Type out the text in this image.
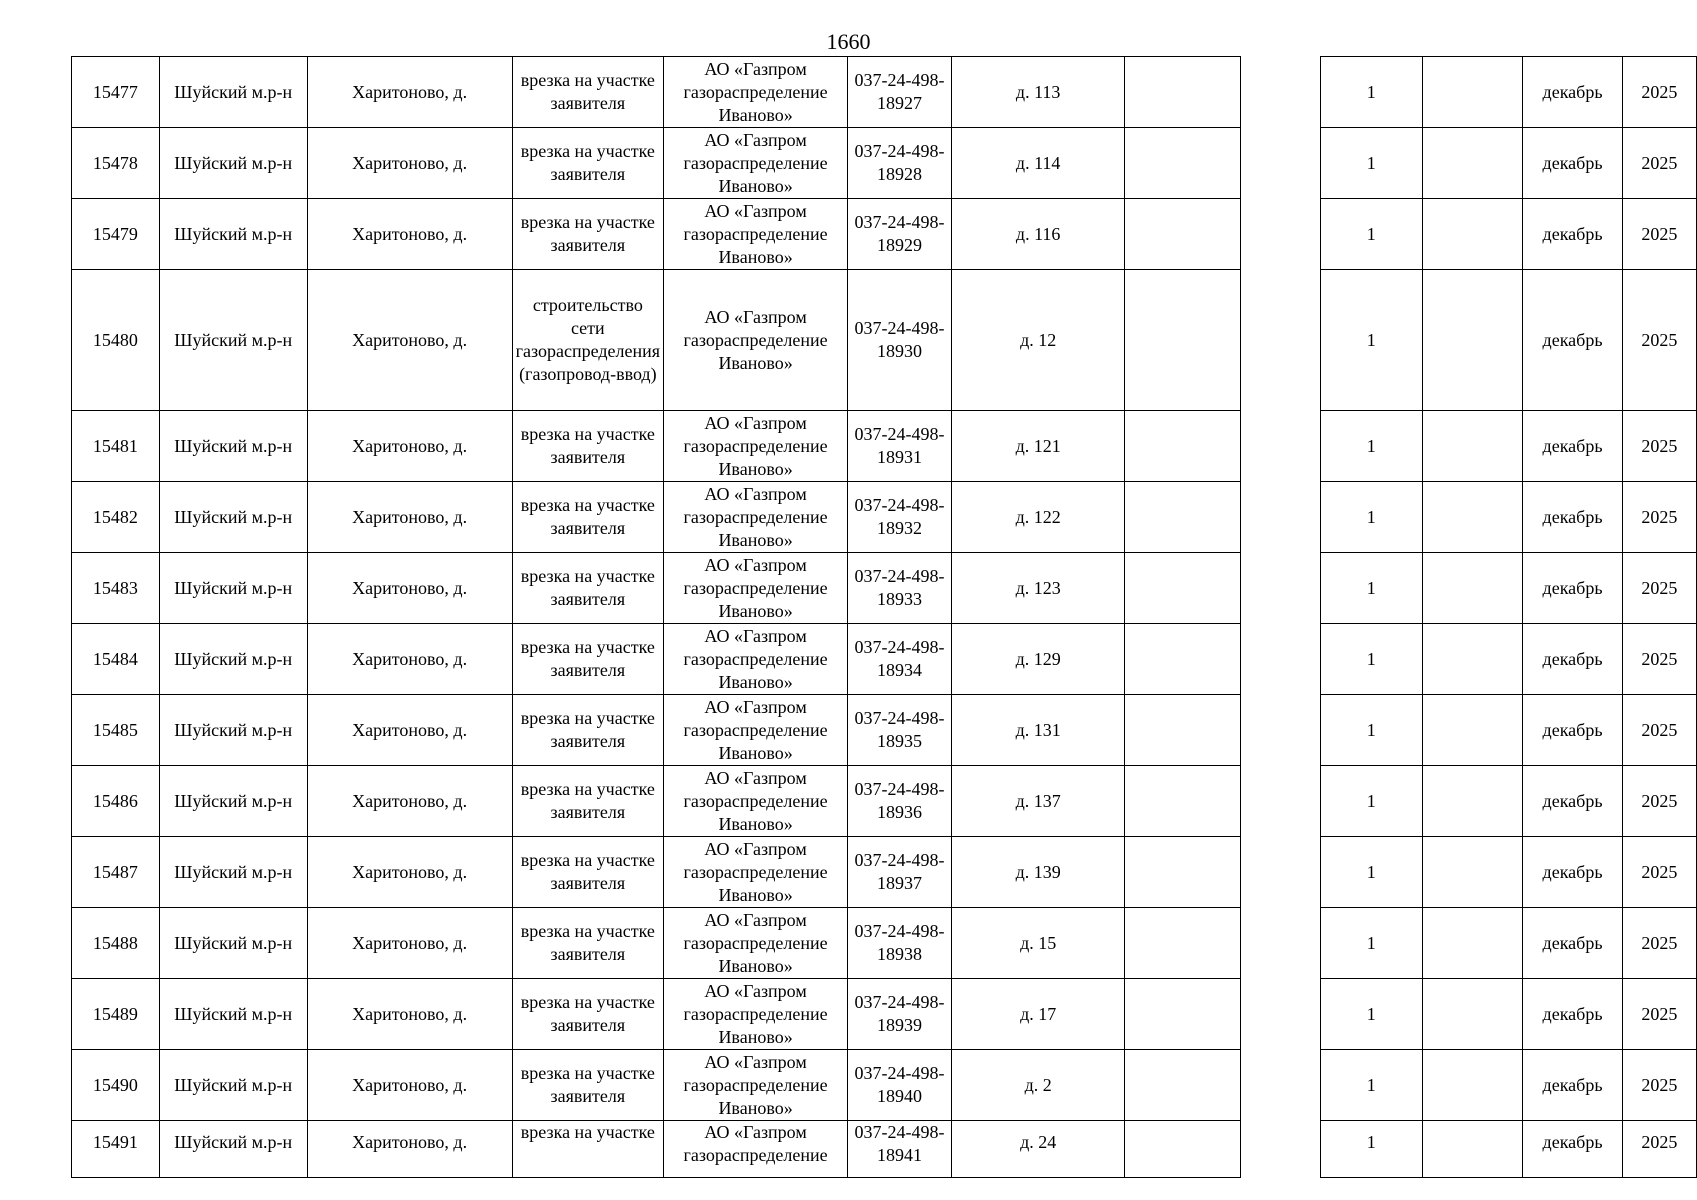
1660
15477	Шуйский м.р-н	Харитоново, д.	врезка на участке заявителя	АО «Газпром газораспределение Иваново»	037-24-498-18927	д. 113			1		декабрь	2025
15478	Шуйский м.р-н	Харитоново, д.	врезка на участке заявителя	АО «Газпром газораспределение Иваново»	037-24-498-18928	д. 114			1		декабрь	2025
15479	Шуйский м.р-н	Харитоново, д.	врезка на участке заявителя	АО «Газпром газораспределение Иваново»	037-24-498-18929	д. 116			1		декабрь	2025
15480	Шуйский м.р-н	Харитоново, д.	строительство сети газораспределения (газопровод-ввод)	АО «Газпром газораспределение Иваново»	037-24-498-18930	д. 12			1		декабрь	2025
15481	Шуйский м.р-н	Харитоново, д.	врезка на участке заявителя	АО «Газпром газораспределение Иваново»	037-24-498-18931	д. 121			1		декабрь	2025
15482	Шуйский м.р-н	Харитоново, д.	врезка на участке заявителя	АО «Газпром газораспределение Иваново»	037-24-498-18932	д. 122			1		декабрь	2025
15483	Шуйский м.р-н	Харитоново, д.	врезка на участке заявителя	АО «Газпром газораспределение Иваново»	037-24-498-18933	д. 123			1		декабрь	2025
15484	Шуйский м.р-н	Харитоново, д.	врезка на участке заявителя	АО «Газпром газораспределение Иваново»	037-24-498-18934	д. 129			1		декабрь	2025
15485	Шуйский м.р-н	Харитоново, д.	врезка на участке заявителя	АО «Газпром газораспределение Иваново»	037-24-498-18935	д. 131			1		декабрь	2025
15486	Шуйский м.р-н	Харитоново, д.	врезка на участке заявителя	АО «Газпром газораспределение Иваново»	037-24-498-18936	д. 137			1		декабрь	2025
15487	Шуйский м.р-н	Харитоново, д.	врезка на участке заявителя	АО «Газпром газораспределение Иваново»	037-24-498-18937	д. 139			1		декабрь	2025
15488	Шуйский м.р-н	Харитоново, д.	врезка на участке заявителя	АО «Газпром газораспределение Иваново»	037-24-498-18938	д. 15			1		декабрь	2025
15489	Шуйский м.р-н	Харитоново, д.	врезка на участке заявителя	АО «Газпром газораспределение Иваново»	037-24-498-18939	д. 17			1		декабрь	2025
15490	Шуйский м.р-н	Харитоново, д.	врезка на участке заявителя	АО «Газпром газораспределение Иваново»	037-24-498-18940	д. 2			1		декабрь	2025
15491	Шуйский м.р-н	Харитоново, д.	врезка на участке	АО «Газпром газораспределение	037-24-498-18941	д. 24			1		декабрь	2025
